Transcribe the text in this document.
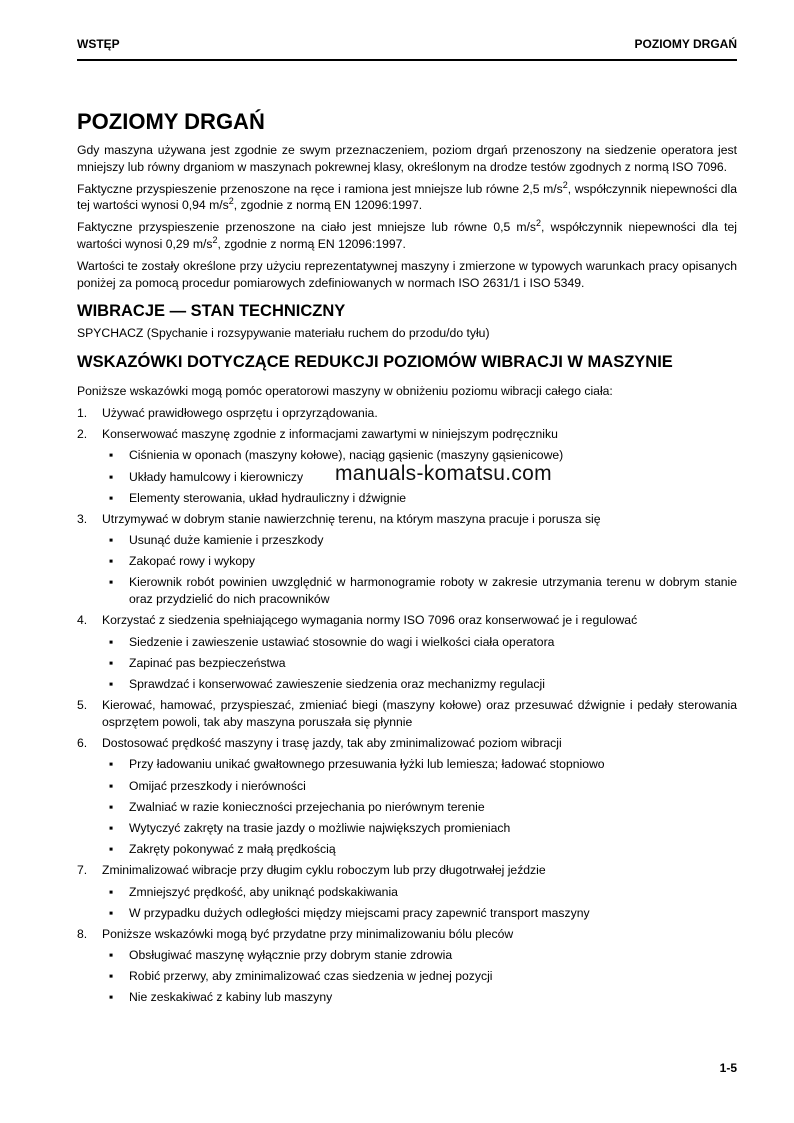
WSTĘP	POZIOMY DRGAŃ
POZIOMY DRGAŃ

Gdy maszyna używana jest zgodnie ze swym przeznaczeniem, poziom drgań przenoszony na siedzenie operatora jest mniejszy lub równy drganiom w maszynach pokrewnej klasy, określonym na drodze testów zgodnych z normą ISO 7096.

Faktyczne przyspieszenie przenoszone na ręce i ramiona jest mniejsze lub równe 2,5 $m/s^2$, współczynnik niepewności dla tej wartości wynosi 0,94 $m/s^2$, zgodnie z normą EN 12096:1997.

Faktyczne przyspieszenie przenoszone na ciało jest mniejsze lub równe 0,5 $m/s^2$, współczynnik niepewności dla tej wartości wynosi 0,29 $m/s^2$, zgodnie z normą EN 12096:1997.

Wartości te zostały określone przy użyciu reprezentatywnej maszyny i zmierzone w typowych warunkach pracy opisanych poniżej za pomocą procedur pomiarowych zdefiniowanych w normach ISO 2631/1 i ISO 5349.

WIBRACJE — STAN TECHNICZNY

SPYCHACZ (Spychanie i rozsypywanie materiału ruchem do przodu/do tyłu)

WSKAZÓWKI DOTYCZĄCE REDUKCJI POZIOMÓW WIBRACJI W MASZYNIE

Poniższe wskazówki mogą pomóc operatorowi maszyny w obniżeniu poziomu wibracji całego ciała:

1. Używać prawidłowego osprzętu i oprzyrządowania.
2. Konserwować maszynę zgodnie z informacjami zawartymi w niniejszym podręczniku
▪ Ciśnienia w oponach (maszyny kołowe), naciąg gąsienic (maszyny gąsienicowe)
▪ Układy hamulcowy i kierowniczy
▪ Elementy sterowania, układ hydrauliczny i dźwignie
3. Utrzymywać w dobrym stanie nawierzchnię terenu, na którym maszyna pracuje i porusza się
▪ Usunąć duże kamienie i przeszkody
▪ Zakopać rowy i wykopy
▪ Kierownik robót powinien uwzględnić w harmonogramie roboty w zakresie utrzymania terenu w dobrym stanie oraz przydzielić do nich pracowników
4. Korzystać z siedzenia spełniającego wymagania normy ISO 7096 oraz konserwować je i regulować
▪ Siedzenie i zawieszenie ustawiać stosownie do wagi i wielkości ciała operatora
▪ Zapinać pas bezpieczeństwa
▪ Sprawdzać i konserwować zawieszenie siedzenia oraz mechanizmy regulacji
5. Kierować, hamować, przyspieszać, zmieniać biegi (maszyny kołowe) oraz przesuwać dźwignie i pedały sterowania osprzętem powoli, tak aby maszyna poruszała się płynnie
6. Dostosować prędkość maszyny i trasę jazdy, tak aby zminimalizować poziom wibracji
▪ Przy ładowaniu unikać gwałtownego przesuwania łyżki lub lemiesza; ładować stopniowo
▪ Omijać przeszkody i nierówności
▪ Zwalniać w razie konieczności przejechania po nierównym terenie
▪ Wytyczyć zakręty na trasie jazdy o możliwie największych promieniach
▪ Zakręty pokonywać z małą prędkością
7. Zminimalizować wibracje przy długim cyklu roboczym lub przy długotrwałej jeździe
▪ Zmniejszyć prędkość, aby uniknąć podskakiwania
▪ W przypadku dużych odległości między miejscami pracy zapewnić transport maszyny
8. Poniższe wskazówki mogą być przydatne przy minimalizowaniu bólu pleców
▪ Obsługiwać maszynę wyłącznie przy dobrym stanie zdrowia
▪ Robić przerwy, aby zminimalizować czas siedzenia w jednej pozycji
▪ Nie zeskakiwać z kabiny lub maszyny
manuals-komatsu.com
1-5
